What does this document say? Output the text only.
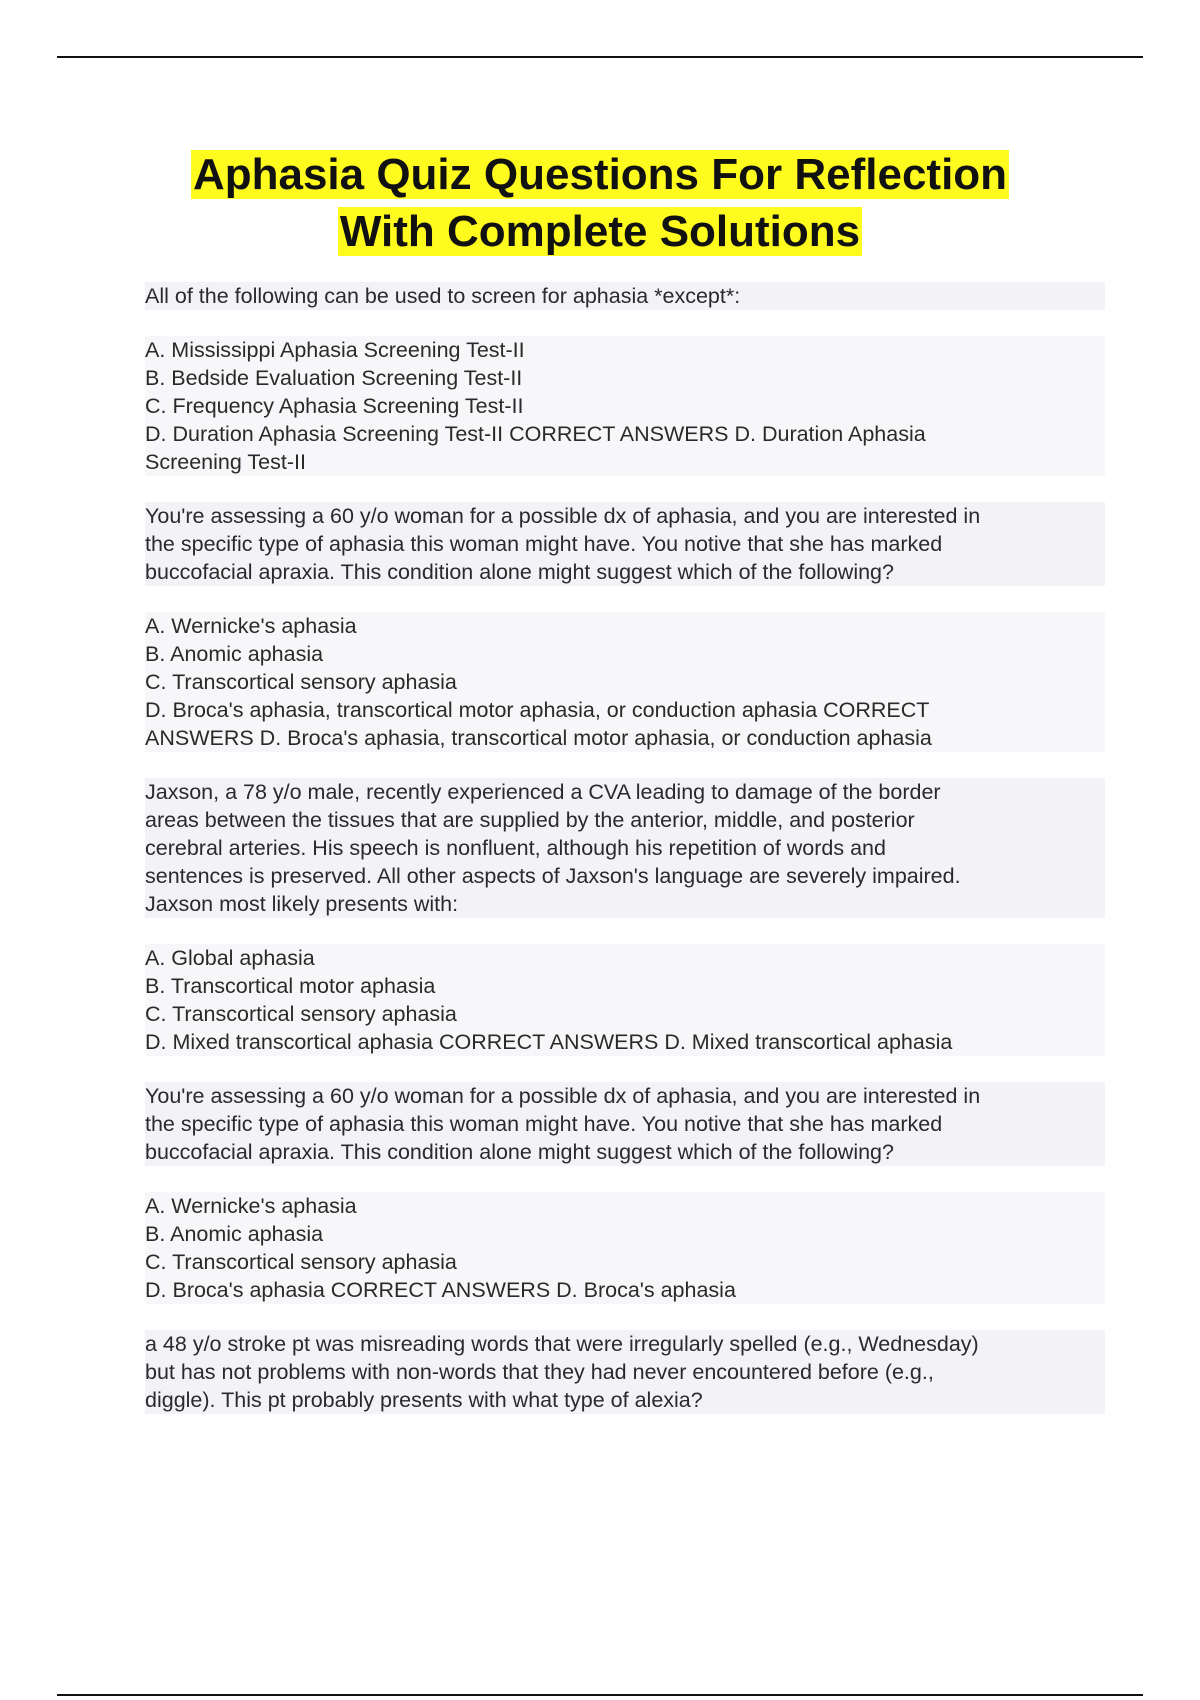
Aphasia Quiz Questions For Reflection
With Complete Solutions
All of the following can be used to screen for aphasia *except*:
A. Mississippi Aphasia Screening Test-II
B. Bedside Evaluation Screening Test-II
C. Frequency Aphasia Screening Test-II
D. Duration Aphasia Screening Test-II CORRECT ANSWERS D. Duration Aphasia
Screening Test-II
You're assessing a 60 y/o woman for a possible dx of aphasia, and you are interested in
the specific type of aphasia this woman might have. You notive that she has marked
buccofacial apraxia. This condition alone might suggest which of the following?
A. Wernicke's aphasia
B. Anomic aphasia
C. Transcortical sensory aphasia
D. Broca's aphasia, transcortical motor aphasia, or conduction aphasia CORRECT
ANSWERS D. Broca's aphasia, transcortical motor aphasia, or conduction aphasia
Jaxson, a 78 y/o male, recently experienced a CVA leading to damage of the border
areas between the tissues that are supplied by the anterior, middle, and posterior
cerebral arteries. His speech is nonfluent, although his repetition of words and
sentences is preserved. All other aspects of Jaxson's language are severely impaired.
Jaxson most likely presents with:
A. Global aphasia
B. Transcortical motor aphasia
C. Transcortical sensory aphasia
D. Mixed transcortical aphasia CORRECT ANSWERS D. Mixed transcortical aphasia
You're assessing a 60 y/o woman for a possible dx of aphasia, and you are interested in
the specific type of aphasia this woman might have. You notive that she has marked
buccofacial apraxia. This condition alone might suggest which of the following?
A. Wernicke's aphasia
B. Anomic aphasia
C. Transcortical sensory aphasia
D. Broca's aphasia CORRECT ANSWERS D. Broca's aphasia
a 48 y/o stroke pt was misreading words that were irregularly spelled (e.g., Wednesday)
but has not problems with non-words that they had never encountered before (e.g.,
diggle). This pt probably presents with what type of alexia?
